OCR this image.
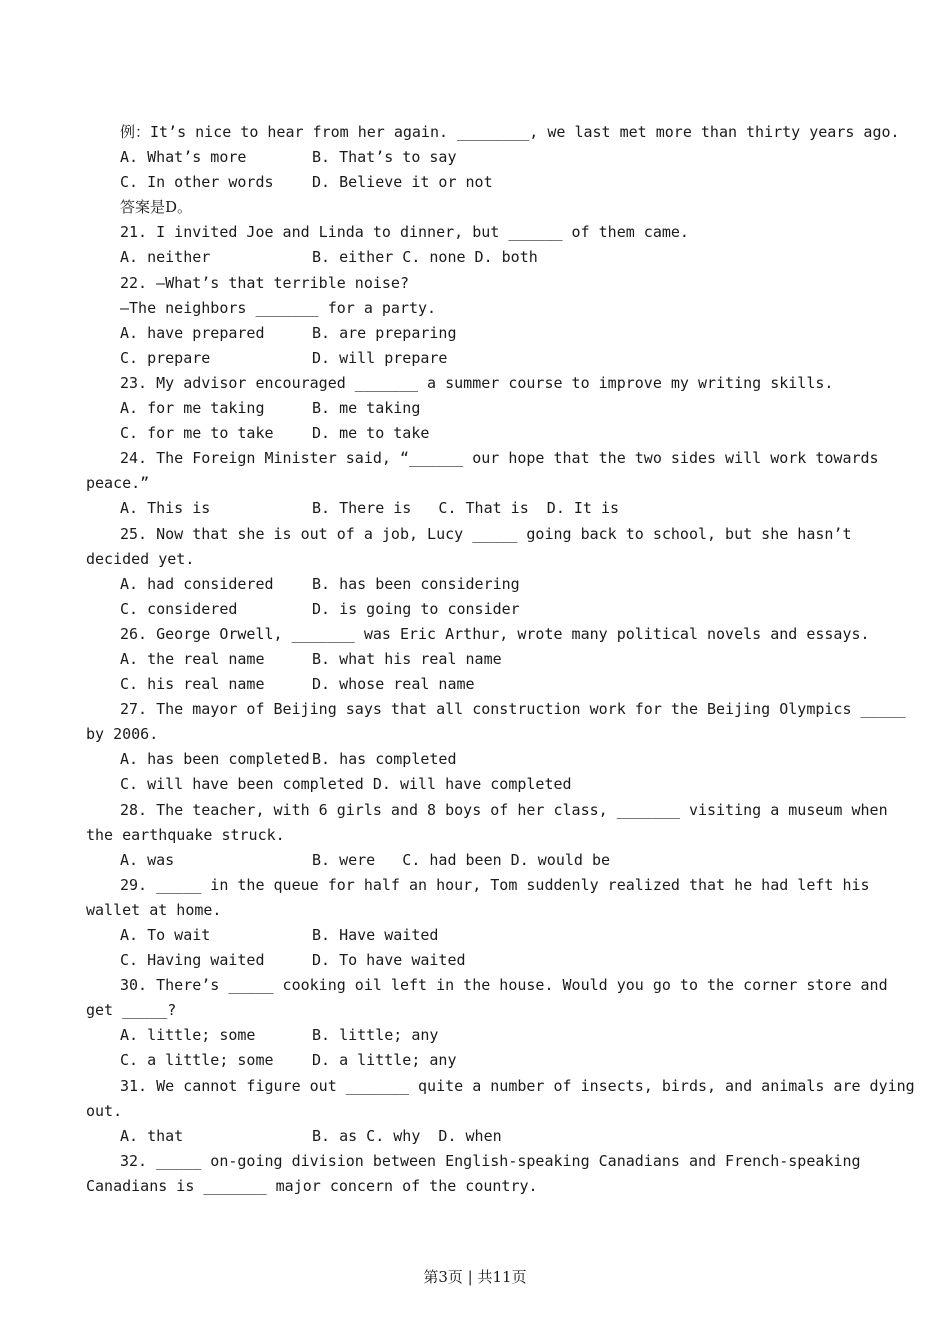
例：It’s nice to hear from her again. ________, we last met more than thirty years ago.
A. What’s more	B. That’s to say
C. In other words	D. Believe it or not
答案是D。
21. I invited Joe and Linda to dinner, but ______ of them came.
A. neither	B. either C. none D. both
22. —What’s that terrible noise?
—The neighbors _______ for a party.
A. have prepared	B. are preparing
C. prepare	D. will prepare
23. My advisor encouraged _______ a summer course to improve my writing skills.
A. for me taking	B. me taking
C. for me to take	D. me to take
24. The Foreign Minister said, “______ our hope that the two sides will work towards
peace.”
A. This is	B. There is   C. That is  D. It is
25. Now that she is out of a job, Lucy _____ going back to school, but she hasn’t
decided yet.
A. had considered	B. has been considering
C. considered	D. is going to consider
26. George Orwell, _______ was Eric Arthur, wrote many political novels and essays.
A. the real name	B. what his real name
C. his real name	D. whose real name
27. The mayor of Beijing says that all construction work for the Beijing Olympics _____
by 2006.
A. has been completed B. has completed
C. will have been completed D. will have completed
28. The teacher, with 6 girls and 8 boys of her class, _______ visiting a museum when
the earthquake struck.
A. was	B. were   C. had been D. would be
29. _____ in the queue for half an hour, Tom suddenly realized that he had left his
wallet at home.
A. To wait	B. Have waited
C. Having waited	D. To have waited
30. There’s _____ cooking oil left in the house. Would you go to the corner store and
get _____?
A. little; some	B. little; any
C. a little; some	D. a little; any
31. We cannot figure out _______ quite a number of insects, birds, and animals are dying
out.
A. that	B. as C. why  D. when
32. _____ on-going division between English-speaking Canadians and French-speaking
Canadians is _______ major concern of the country.
第3页 | 共11页
